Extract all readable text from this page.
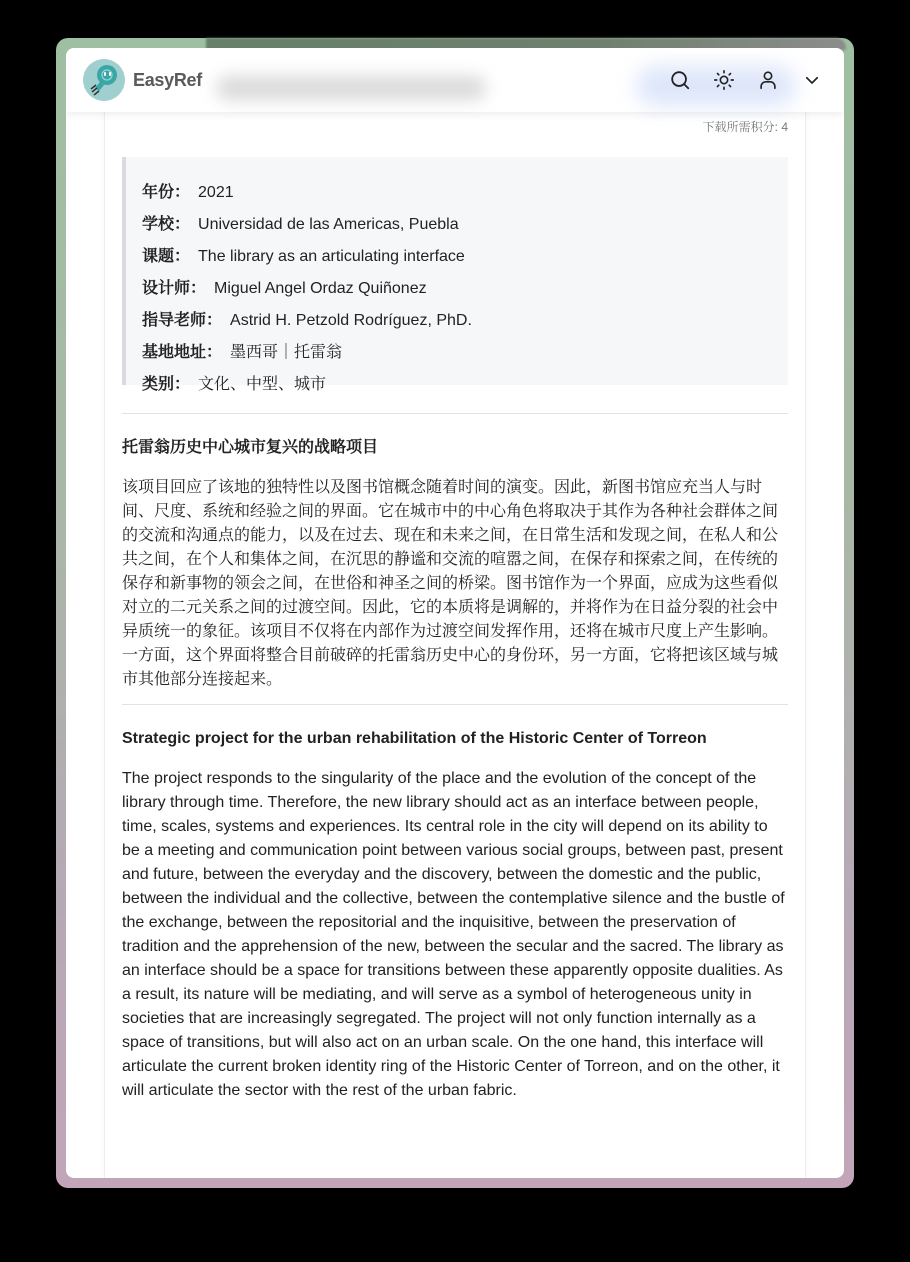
EasyRef
下载所需积分: 4
年份： 2021
学校： Universidad de las Americas, Puebla
课题： The library as an articulating interface
设计师： Miguel Angel Ordaz Quiñonez
指导老师： Astrid H. Petzold Rodríguez, PhD.
基地地址： 墨西哥｜托雷翁
类别： 文化、中型、城市
托雷翁历史中心城市复兴的战略项目
该项目回应了该地的独特性以及图书馆概念随着时间的演变。因此，新图书馆应充当人与时间、尺度、系统和经验之间的界面。它在城市中的中心角色将取决于其作为各种社会群体之间的交流和沟通点的能力，以及在过去、现在和未来之间，在日常生活和发现之间，在私人和公共之间，在个人和集体之间，在沉思的静谧和交流的喧嚣之间，在保存和探索之间，在传统的保存和新事物的领会之间，在世俗和神圣之间的桥梁。图书馆作为一个界面，应成为这些看似对立的二元关系之间的过渡空间。因此，它的本质将是调解的，并将作为在日益分裂的社会中异质统一的象征。该项目不仅将在内部作为过渡空间发挥作用，还将在城市尺度上产生影响。一方面，这个界面将整合目前破碎的托雷翁历史中心的身份环，另一方面，它将把该区域与城市其他部分连接起来。
Strategic project for the urban rehabilitation of the Historic Center of Torreon
The project responds to the singularity of the place and the evolution of the concept of the library through time. Therefore, the new library should act as an interface between people, time, scales, systems and experiences. Its central role in the city will depend on its ability to be a meeting and communication point between various social groups, between past, present and future, between the everyday and the discovery, between the domestic and the public, between the individual and the collective, between the contemplative silence and the bustle of the exchange, between the repositorial and the inquisitive, between the preservation of tradition and the apprehension of the new, between the secular and the sacred. The library as an interface should be a space for transitions between these apparently opposite dualities. As a result, its nature will be mediating, and will serve as a symbol of heterogeneous unity in societies that are increasingly segregated. The project will not only function internally as a space of transitions, but will also act on an urban scale. On the one hand, this interface will articulate the current broken identity ring of the Historic Center of Torreon, and on the other, it will articulate the sector with the rest of the urban fabric.
